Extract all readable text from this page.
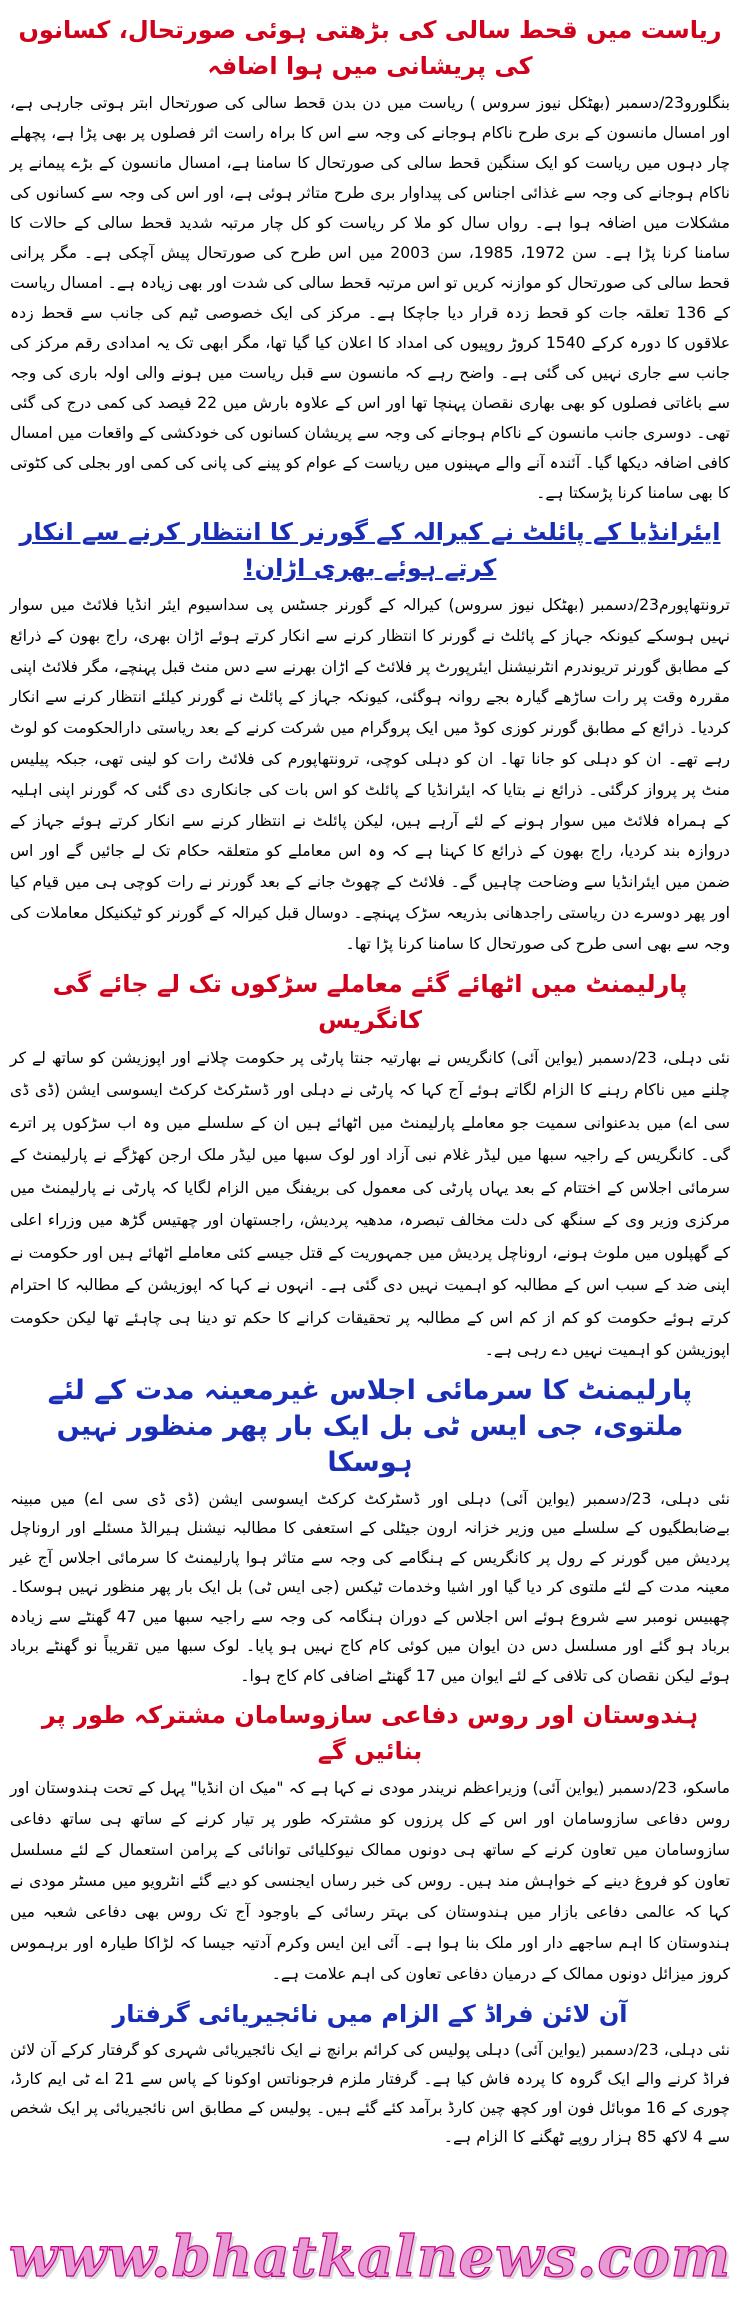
ریاست میں قحط سالی کی بڑھتی ہوئی صورتحال، کسانوں کی پریشانی میں ہوا اضافہ

بنگلورو23/دسمبر (بھٹکل نیوز سروس ) ریاست میں دن بدن قحط سالی کی صورتحال ابتر ہوتی جارہی ہے، اور امسال مانسون کے بری طرح ناکام ہوجانے کی وجہ سے اس کا براہ راست اثر فصلوں پر بھی پڑا ہے، پچھلے چار دہوں میں ریاست کو ایک سنگین قحط سالی کی صورتحال کا سامنا ہے، امسال مانسون کے بڑے پیمانے پر ناکام ہوجانے کی وجہ سے غذائی اجناس کی پیداوار بری طرح متاثر ہوئی ہے، اور اس کی وجہ سے کسانوں کی مشکلات میں اضافہ ہوا ہے۔ رواں سال کو ملا کر ریاست کو کل چار مرتبہ شدید قحط سالی کے حالات کا سامنا کرنا پڑا ہے۔ سن 1972، 1985، سن 2003 میں اس طرح کی صورتحال پیش آچکی ہے۔ مگر پرانی قحط سالی کی صورتحال کو موازنہ کریں تو اس مرتبہ قحط سالی کی شدت اور بھی زیادہ ہے۔ امسال ریاست کے 136 تعلقہ جات کو قحط زدہ قرار دیا جاچکا ہے۔ مرکز کی ایک خصوصی ٹیم کی جانب سے قحط زدہ علاقوں کا دورہ کرکے 1540 کروڑ روپیوں کی امداد کا اعلان کیا گیا تھا، مگر ابھی تک یہ امدادی رقم مرکز کی جانب سے جاری نہیں کی گئی ہے۔ واضح رہے کہ مانسون سے قبل ریاست میں ہونے والی اولہ باری کی وجہ سے باغاتی فصلوں کو بھی بھاری نقصان پہنچا تھا اور اس کے علاوہ بارش میں 22 فیصد کی کمی درج کی گئی تھی۔ دوسری جانب مانسون کے ناکام ہوجانے کی وجہ سے پریشان کسانوں کی خودکشی کے واقعات میں امسال کافی اضافہ دیکھا گیا۔ آئندہ آنے والے مہینوں میں ریاست کے عوام کو پینے کی پانی کی کمی اور بجلی کی کٹوتی کا بھی سامنا کرنا پڑسکتا ہے۔

ایئرانڈیا کے پائلٹ نے کیرالہ کے گورنر کا انتظار کرنے سے انکار کرتے ہوئے بھری اڑان!

ترونتھاپورم23/دسمبر (بھٹکل نیوز سروس) کیرالہ کے گورنر جسٹس پی سداسیوم ایئر انڈیا فلائٹ میں سوار نہیں ہوسکے کیونکہ جہاز کے پائلٹ نے گورنر کا انتظار کرنے سے انکار کرتے ہوئے اڑان بھری، راج بھون کے ذرائع کے مطابق گورنر تریوندرم انٹرنیشنل ایئرپورٹ پر فلائٹ کے اڑان بھرنے سے دس منٹ قبل پہنچے، مگر فلائٹ اپنی مقررہ وقت پر رات ساڑھے گیارہ بجے روانہ ہوگئی، کیونکہ جہاز کے پائلٹ نے گورنر کیلئے انتظار کرنے سے انکار کردیا۔ ذرائع کے مطابق گورنر کوزی کوڈ میں ایک پروگرام میں شرکت کرنے کے بعد ریاستی دارالحکومت کو لوٹ رہے تھے۔ ان کو دہلی کو جانا تھا۔ ان کو دہلی کوچی، ترونتھاپورم کی فلائٹ رات کو لینی تھی، جبکہ پیلیس منٹ پر پرواز کرگئی۔ ذرائع نے بتایا کہ ایئرانڈیا کے پائلٹ کو اس بات کی جانکاری دی گئی کہ گورنر اپنی اہلیہ کے ہمراہ فلائٹ میں سوار ہونے کے لئے آرہے ہیں، لیکن پائلٹ نے انتظار کرنے سے انکار کرتے ہوئے جہاز کے دروازہ بند کردیا، راج بھون کے ذرائع کا کہنا ہے کہ وہ اس معاملے کو متعلقہ حکام تک لے جائیں گے اور اس ضمن میں ایئرانڈیا سے وضاحت چاہیں گے۔ فلائٹ کے چھوٹ جانے کے بعد گورنر نے رات کوچی ہی میں قیام کیا اور پھر دوسرے دن ریاستی راجدھانی بذریعہ سڑک پہنچے۔ دوسال قبل کیرالہ کے گورنر کو ٹیکنیکل معاملات کی وجہ سے بھی اسی طرح کی صورتحال کا سامنا کرنا پڑا تھا۔

پارلیمنٹ میں اٹھائے گئے معاملے سڑکوں تک لے جائے گی کانگریس

نئی دہلی، 23/دسمبر (یواین آئی) کانگریس نے بھارتیہ جنتا پارٹی پر حکومت چلانے اور اپوزیشن کو ساتھ لے کر چلنے میں ناکام رہنے کا الزام لگاتے ہوئے آج کہا کہ پارٹی نے دہلی اور ڈسٹرکٹ کرکٹ ایسوسی ایشن (ڈی ڈی سی اے) میں بدعنوانی سمیت جو معاملے پارلیمنٹ میں اٹھائے ہیں ان کے سلسلے میں وہ اب سڑکوں پر اترے گی۔ کانگریس کے راجیہ سبھا میں لیڈر غلام نبی آزاد اور لوک سبھا میں لیڈر ملک ارجن کھڑگے نے پارلیمنٹ کے سرمائی اجلاس کے اختتام کے بعد یہاں پارٹی کی معمول کی بریفنگ میں الزام لگایا کہ پارٹی نے پارلیمنٹ میں مرکزی وزیر وی کے سنگھ کی دلت مخالف تبصرہ، مدھیہ پردیش، راجستھان اور چھتیس گڑھ میں وزراء اعلی کے گھپلوں میں ملوث ہونے، اروناچل پردیش میں جمہوریت کے قتل جیسے کئی معاملے اٹھائے ہیں اور حکومت نے اپنی ضد کے سبب اس کے مطالبہ کو اہمیت نہیں دی گئی ہے۔ انہوں نے کہا کہ اپوزیشن کے مطالبہ کا احترام کرتے ہوئے حکومت کو کم از کم اس کے مطالبہ پر تحقیقات کرانے کا حکم تو دینا ہی چاہئے تھا لیکن حکومت اپوزیشن کو اہمیت نہیں دے رہی ہے۔

پارلیمنٹ کا سرمائی اجلاس غیرمعینہ مدت کے لئے ملتوی، جی ایس ٹی بل ایک بار پھر منظور نہیں ہوسکا

نئی دہلی، 23/دسمبر (یواین آئی) دہلی اور ڈسٹرکٹ کرکٹ ایسوسی ایشن (ڈی ڈی سی اے) میں مبینہ بےضابطگیوں کے سلسلے میں وزیر خزانہ ارون جیٹلی کے استعفی کا مطالبہ نیشنل ہیرالڈ مسئلے اور اروناچل پردیش میں گورنر کے رول پر کانگریس کے ہنگامے کی وجہ سے متاثر ہوا پارلیمنٹ کا سرمائی اجلاس آج غیر معینہ مدت کے لئے ملتوی کر دیا گیا اور اشیا وخدمات ٹیکس (جی ایس ٹی) بل ایک بار پھر منظور نہیں ہوسکا۔ چھبیس نومبر سے شروع ہوئے اس اجلاس کے دوران ہنگامہ کی وجہ سے راجیہ سبھا میں 47 گھنٹے سے زیادہ برباد ہو گئے اور مسلسل دس دن ایوان میں کوئی کام کاج نہیں ہو پایا۔ لوک سبھا میں تقریباً نو گھنٹے برباد ہوئے لیکن نقصان کی تلافی کے لئے ایوان میں 17 گھنٹے اضافی کام کاج ہوا۔

ہندوستان اور روس دفاعی سازوسامان مشترکہ طور پر بنائیں گے

ماسکو، 23/دسمبر (یواین آئی) وزیراعظم نریندر مودی نے کہا ہے کہ "میک ان انڈیا" پہل کے تحت ہندوستان اور روس دفاعی سازوسامان اور اس کے کل پرزوں کو مشترکہ طور پر تیار کرنے کے ساتھ ہی ساتھ دفاعی سازوسامان میں تعاون کرنے کے ساتھ ہی دونوں ممالک نیوکلیائی توانائی کے پرامن استعمال کے لئے مسلسل تعاون کو فروغ دینے کے خواہش مند ہیں۔ روس کی خبر رساں ایجنسی کو دیے گئے انٹرویو میں مسٹر مودی نے کہا کہ عالمی دفاعی بازار میں ہندوستان کی بہتر رسائی کے باوجود آج تک روس بھی دفاعی شعبہ میں ہندوستان کا اہم ساجھے دار اور ملک بنا ہوا ہے۔ آئی این ایس وکرم آدتیہ جیسا کہ لڑاکا طیارہ اور برہموس کروز میزائل دونوں ممالک کے درمیان دفاعی تعاون کی اہم علامت ہے۔

آن لائن فراڈ کے الزام میں نائجیریائی گرفتار

نئی دہلی، 23/دسمبر (یواین آئی) دہلی پولیس کی کرائم برانچ نے ایک نائجیریائی شہری کو گرفتار کرکے آن لائن فراڈ کرنے والے ایک گروہ کا پردہ فاش کیا ہے۔ گرفتار ملزم فرجوناتس اوکونا کے پاس سے 21 اے ٹی ایم کارڈ، چوری کے 16 موبائل فون اور کچھ چین کارڈ برآمد کئے گئے ہیں۔ پولیس کے مطابق اس نائجیریائی پر ایک شخص سے 4 لاکھ 85 ہزار روپے ٹھگنے کا الزام ہے۔

www.bhatkalnews.com
